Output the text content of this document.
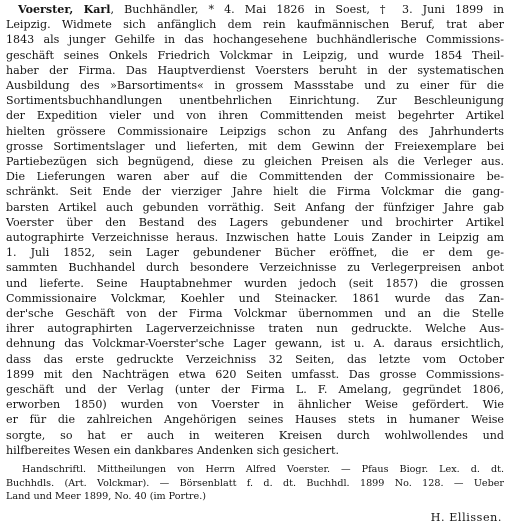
Voerster, Karl, Buchhändler, * 4. Mai 1826 in Soest, † 3. Juni 1899 in
Leipzig. Widmete sich anfänglich dem rein kaufmännischen Beruf, trat aber
1843 als junger Gehilfe in das hochangesehene buchhändlerische Commissions-
geschäft seines Onkels Friedrich Volckmar in Leipzig, und wurde 1854 Theil-
haber der Firma. Das Hauptverdienst Voersters beruht in der systematischen
Ausbildung des »Barsortiments« in grossem Massstabe und zu einer für die
Sortimentsbuchhandlungen unentbehrlichen Einrichtung. Zur Beschleunigung
der Expedition vieler und von ihren Committenden meist begehrter Artikel
hielten grössere Commissionaire Leipzigs schon zu Anfang des Jahrhunderts
grosse Sortimentslager und lieferten, mit dem Gewinn der Freiexemplare bei
Partiebezügen sich begnügend, diese zu gleichen Preisen als die Verleger aus.
Die Lieferungen waren aber auf die Committenden der Commissionaire be-
schränkt. Seit Ende der vierziger Jahre hielt die Firma Volckmar die gang-
barsten Artikel auch gebunden vorräthig. Seit Anfang der fünfziger Jahre gab
Voerster über den Bestand des Lagers gebundener und brochirter Artikel
autographirte Verzeichnisse heraus. Inzwischen hatte Louis Zander in Leipzig am
1. Juli 1852, sein Lager gebundener Bücher eröffnet, die er dem ge-
sammten Buchhandel durch besondere Verzeichnisse zu Verlegerpreisen anbot
und lieferte. Seine Hauptabnehmer wurden jedoch (seit 1857) die grossen
Commissionaire Volckmar, Koehler und Steinacker. 1861 wurde das Zan-
der'sche Geschäft von der Firma Volckmar übernommen und an die Stelle
ihrer autographirten Lagerverzeichnisse traten nun gedruckte. Welche Aus-
dehnung das Volckmar-Voerster'sche Lager gewann, ist u. A. daraus ersichtlich,
dass das erste gedruckte Verzeichniss 32 Seiten, das letzte vom October
1899 mit den Nachträgen etwa 620 Seiten umfasst. Das grosse Commissions-
geschäft und der Verlag (unter der Firma L. F. Amelang, gegründet 1806,
erworben 1850) wurden von Voerster in ähnlicher Weise gefördert. Wie
er für die zahlreichen Angehörigen seines Hauses stets in humaner Weise
sorgte, so hat er auch in weiteren Kreisen durch wohlwollendes und
hilfbereites Wesen ein dankbares Andenken sich gesichert.
Handschriftl. Mittheilungen von Herrn Alfred Voerster. — Pfaus Biogr. Lex. d. dt.
Buchhdls. (Art. Volckmar). — Börsenblatt f. d. dt. Buchhdl. 1899 No. 128. — Ueber
Land und Meer 1899, No. 40 (im Portre.)
H. Ellissen.
